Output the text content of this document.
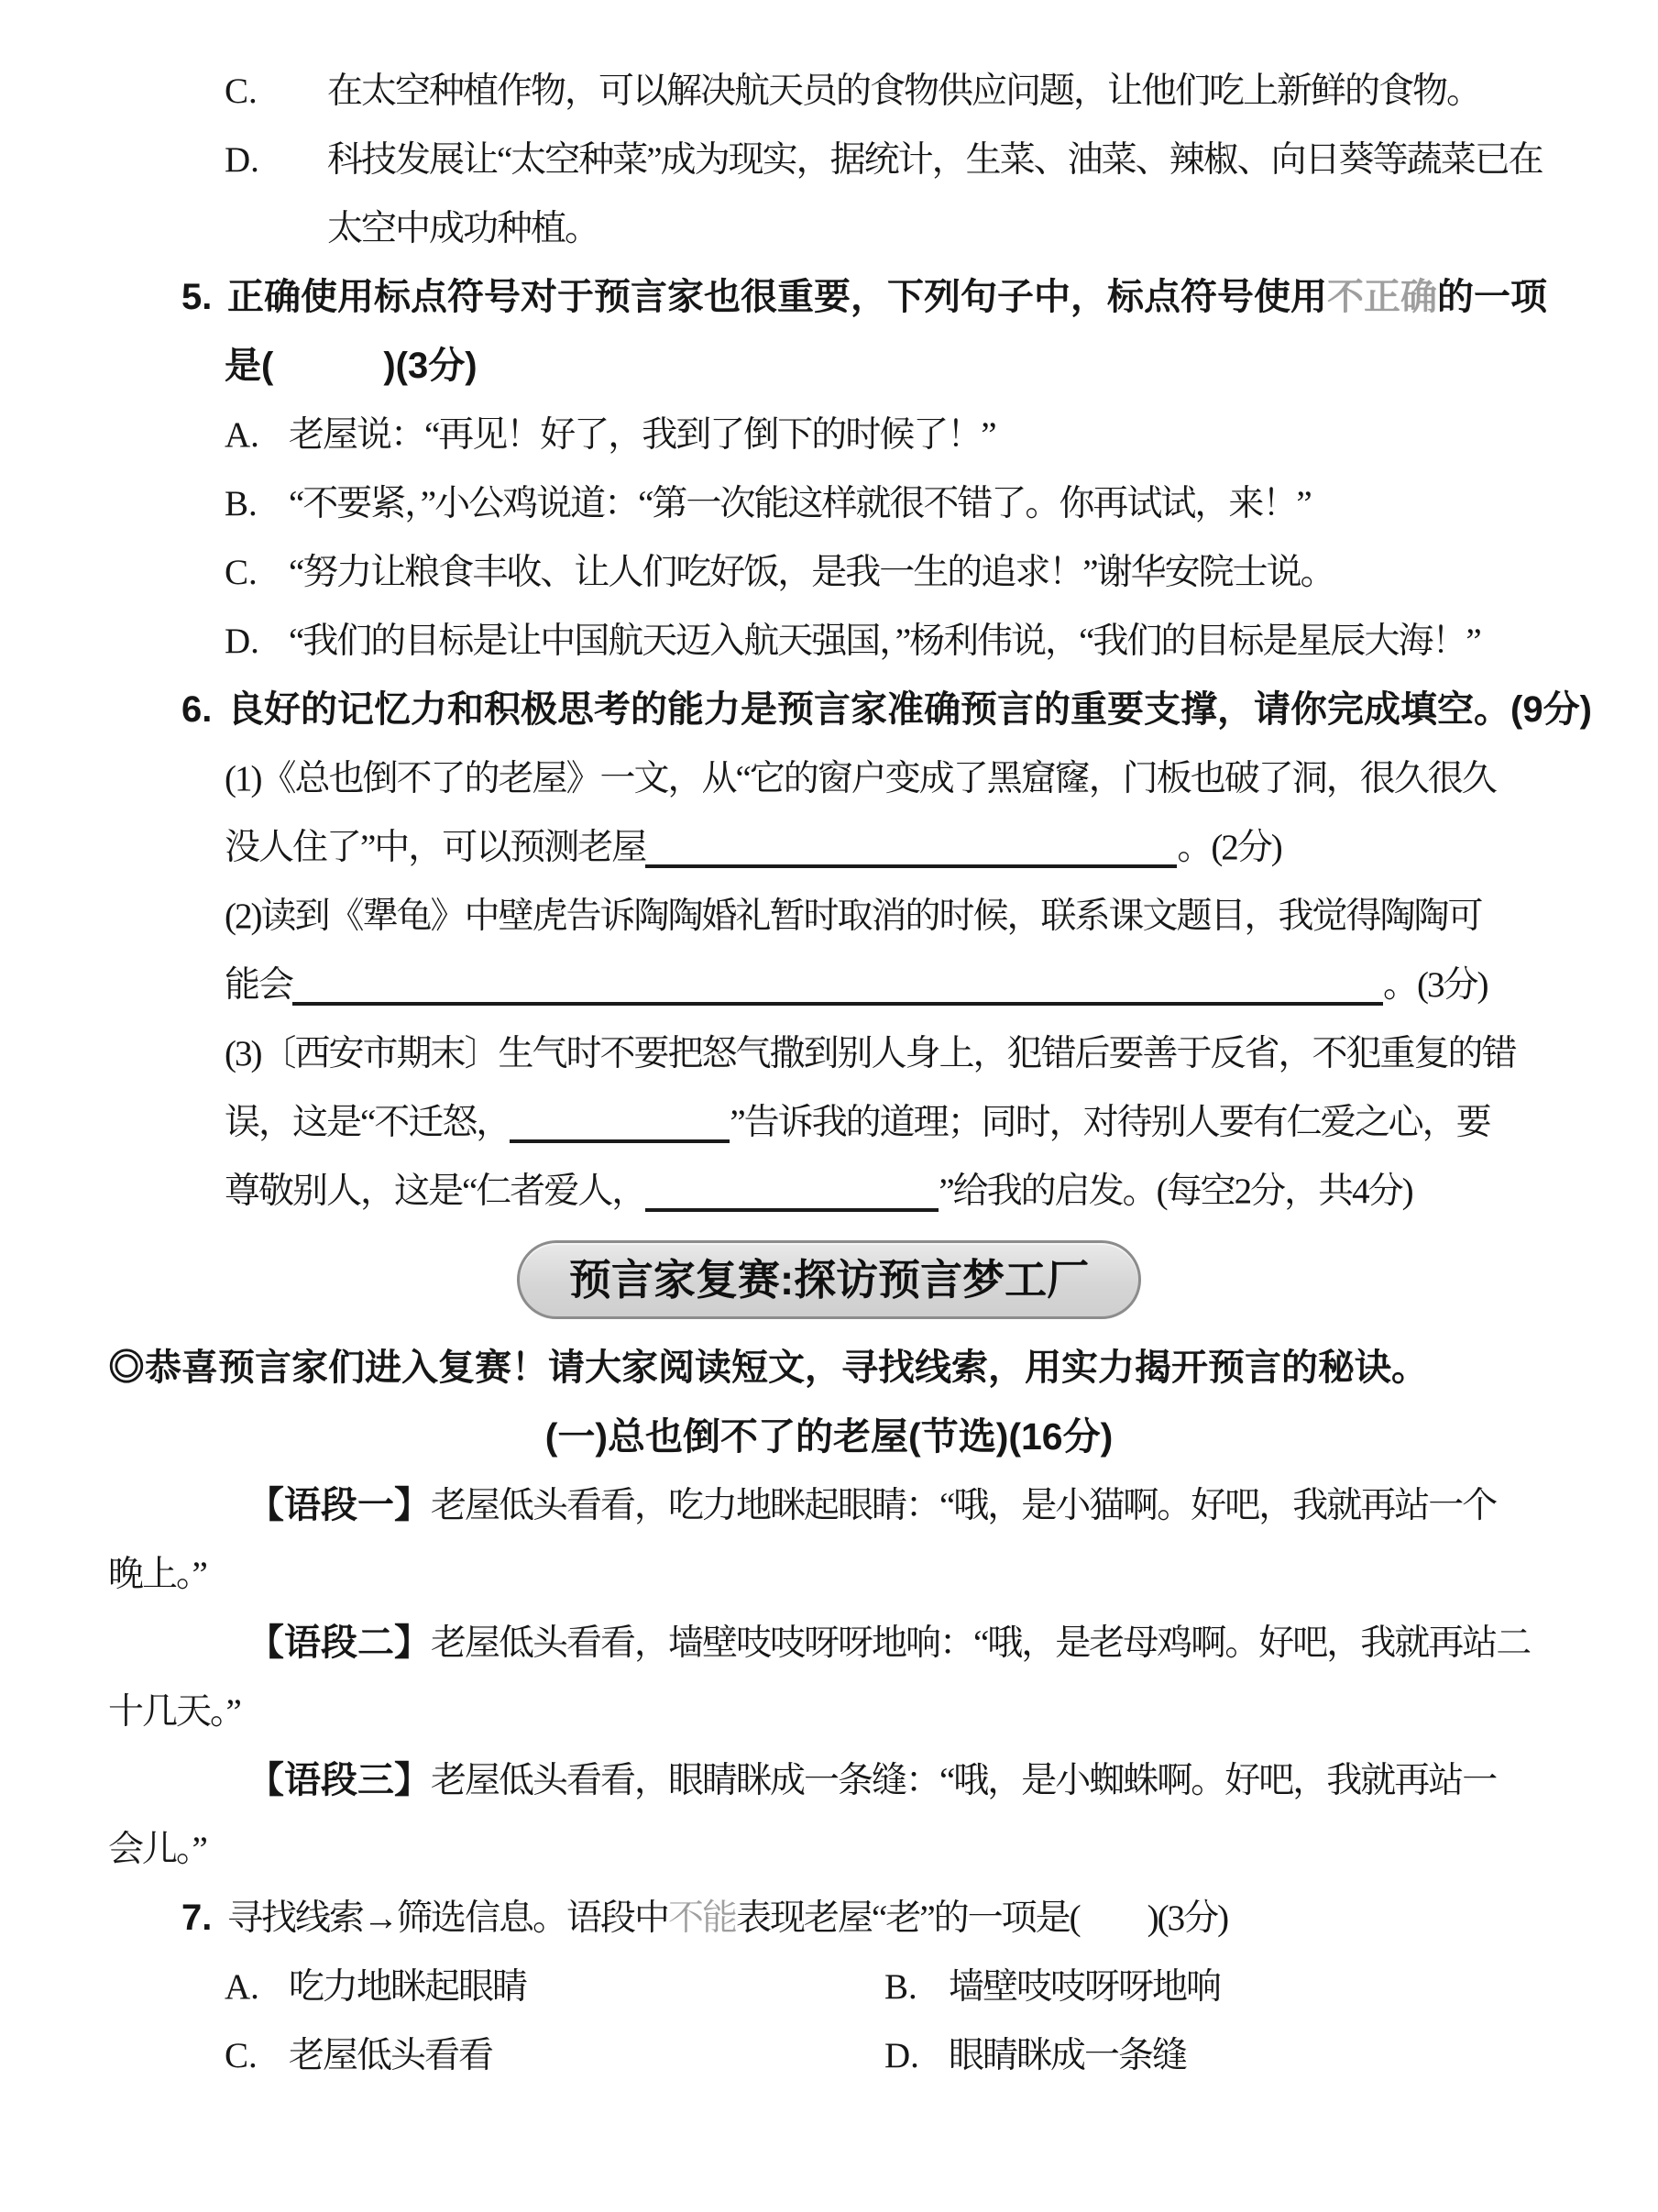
C.	在太空种植作物，可以解决航天员的食物供应问题，让他们吃上新鲜的食物。
D.	科技发展让“太空种菜”成为现实，据统计，生菜、油菜、辣椒、向日葵等蔬菜已在
太空中成功种植。
5. 正确使用标点符号对于预言家也很重要，下列句子中，标点符号使用不正确的一项
是(　　　)(3分)
A. 老屋说：“再见！好了，我到了倒下的时候了！”
B. “不要紧，”小公鸡说道：“第一次能这样就很不错了。你再试试，来！”
C. “努力让粮食丰收、让人们吃好饭，是我一生的追求！”谢华安院士说。
D. “我们的目标是让中国航天迈入航天强国，”杨利伟说，“我们的目标是星辰大海！”
6. 良好的记忆力和积极思考的能力是预言家准确预言的重要支撑，请你完成填空。(9分)
(1)《总也倒不了的老屋》一文，从“它的窗户变成了黑窟窿，门板也破了洞，很久很久
没人住了”中，可以预测老屋	。(2分)
(2)读到《犟龟》中壁虎告诉陶陶婚礼暂时取消的时候，联系课文题目，我觉得陶陶可
能会	。(3分)
(3)〔西安市期末〕生气时不要把怒气撒到别人身上，犯错后要善于反省，不犯重复的错
误，这是“不迁怒，	”告诉我的道理；同时，对待别人要有仁爱之心，要
尊敬别人，这是“仁者爱人，	”给我的启发。(每空2分，共4分)
预言家复赛:探访预言梦工厂
◎恭喜预言家们进入复赛！请大家阅读短文，寻找线索，用实力揭开预言的秘诀。
(一)总也倒不了的老屋(节选)(16分)
【语段一】老屋低头看看，吃力地眯起眼睛：“哦，是小猫啊。好吧，我就再站一个
晚上。”
【语段二】老屋低头看看，墙壁吱吱呀呀地响：“哦，是老母鸡啊。好吧，我就再站二
十几天。”
【语段三】老屋低头看看，眼睛眯成一条缝：“哦，是小蜘蛛啊。好吧，我就再站一
会儿。”
7. 寻找线索→筛选信息。语段中不能表现老屋“老”的一项是(　　)(3分)
A. 吃力地眯起眼睛	B. 墙壁吱吱呀呀地响
C. 老屋低头看看	D. 眼睛眯成一条缝
